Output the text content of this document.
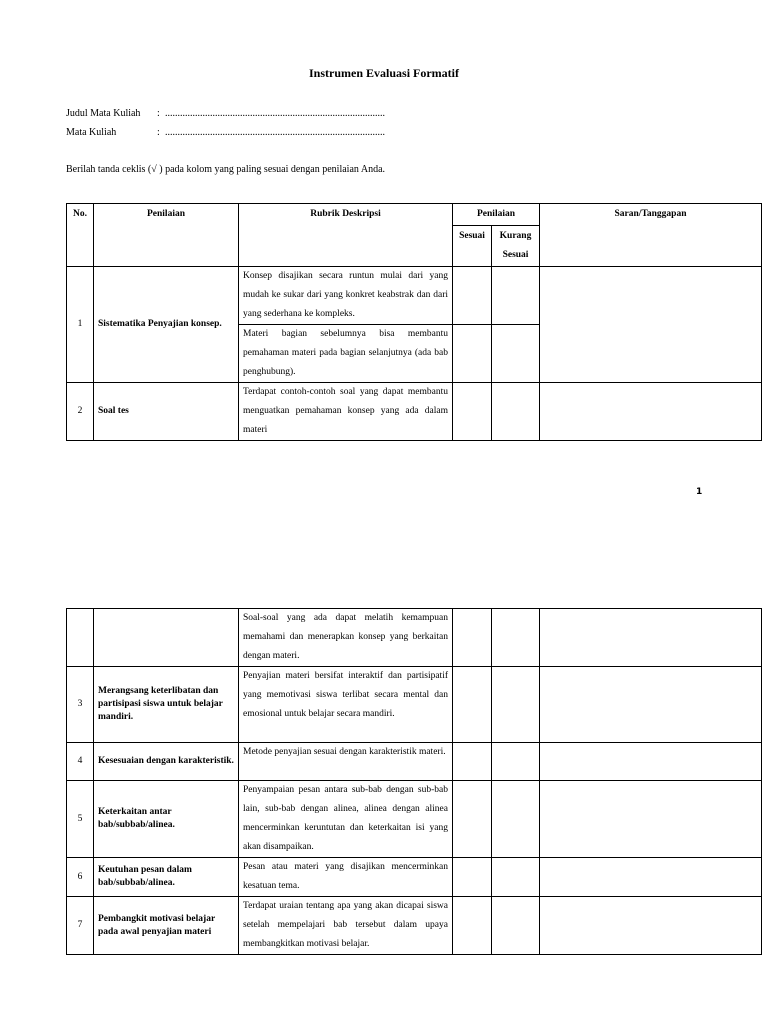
Instrumen Evaluasi Formatif
Judul Mata Kuliah : ........................................................................................
Mata Kuliah	: ........................................................................................
Berilah tanda ceklis (√ ) pada kolom yang paling sesuai dengan penilaian Anda.
No.	Penilaian	Rubrik Deskripsi	Penilaian		Saran/Tanggapan
			Sesuai	Kurang Sesuai	
1	Sistematika Penyajian konsep.	Konsep disajikan secara runtun mulai dari yang mudah ke sukar dari yang konkret keabstrak dan dari yang sederhana ke kompleks.			
		Materi bagian sebelumnya bisa membantu pemahaman materi pada bagian selanjutnya (ada bab penghubung).			
2	Soal tes	Terdapat contoh-contoh soal yang dapat membantu menguatkan pemahaman konsep yang ada dalam materi			
1
		Soal-soal yang ada dapat melatih kemampuan memahami dan menerapkan konsep yang berkaitan dengan materi.			
3	Merangsang keterlibatan dan partisipasi siswa untuk belajar mandiri.	Penyajian materi bersifat interaktif dan partisipatif yang memotivasi siswa terlibat secara mental dan emosional untuk belajar secara mandiri.			
4	Kesesuaian dengan karakteristik.	Metode penyajian sesuai dengan karakteristik materi.			
5	Keterkaitan antar bab/subbab/alinea.	Penyampaian pesan antara sub-bab dengan sub-bab lain, sub-bab dengan alinea, alinea dengan alinea mencerminkan keruntutan dan keterkaitan isi yang akan disampaikan.			
6	Keutuhan pesan dalam bab/subbab/alinea.	Pesan atau materi yang disajikan mencerminkan kesatuan tema.			
7	Pembangkit motivasi belajar pada awal penyajian materi	Terdapat uraian tentang apa yang akan dicapai siswa setelah mempelajari bab tersebut dalam upaya membangkitkan motivasi belajar.			
